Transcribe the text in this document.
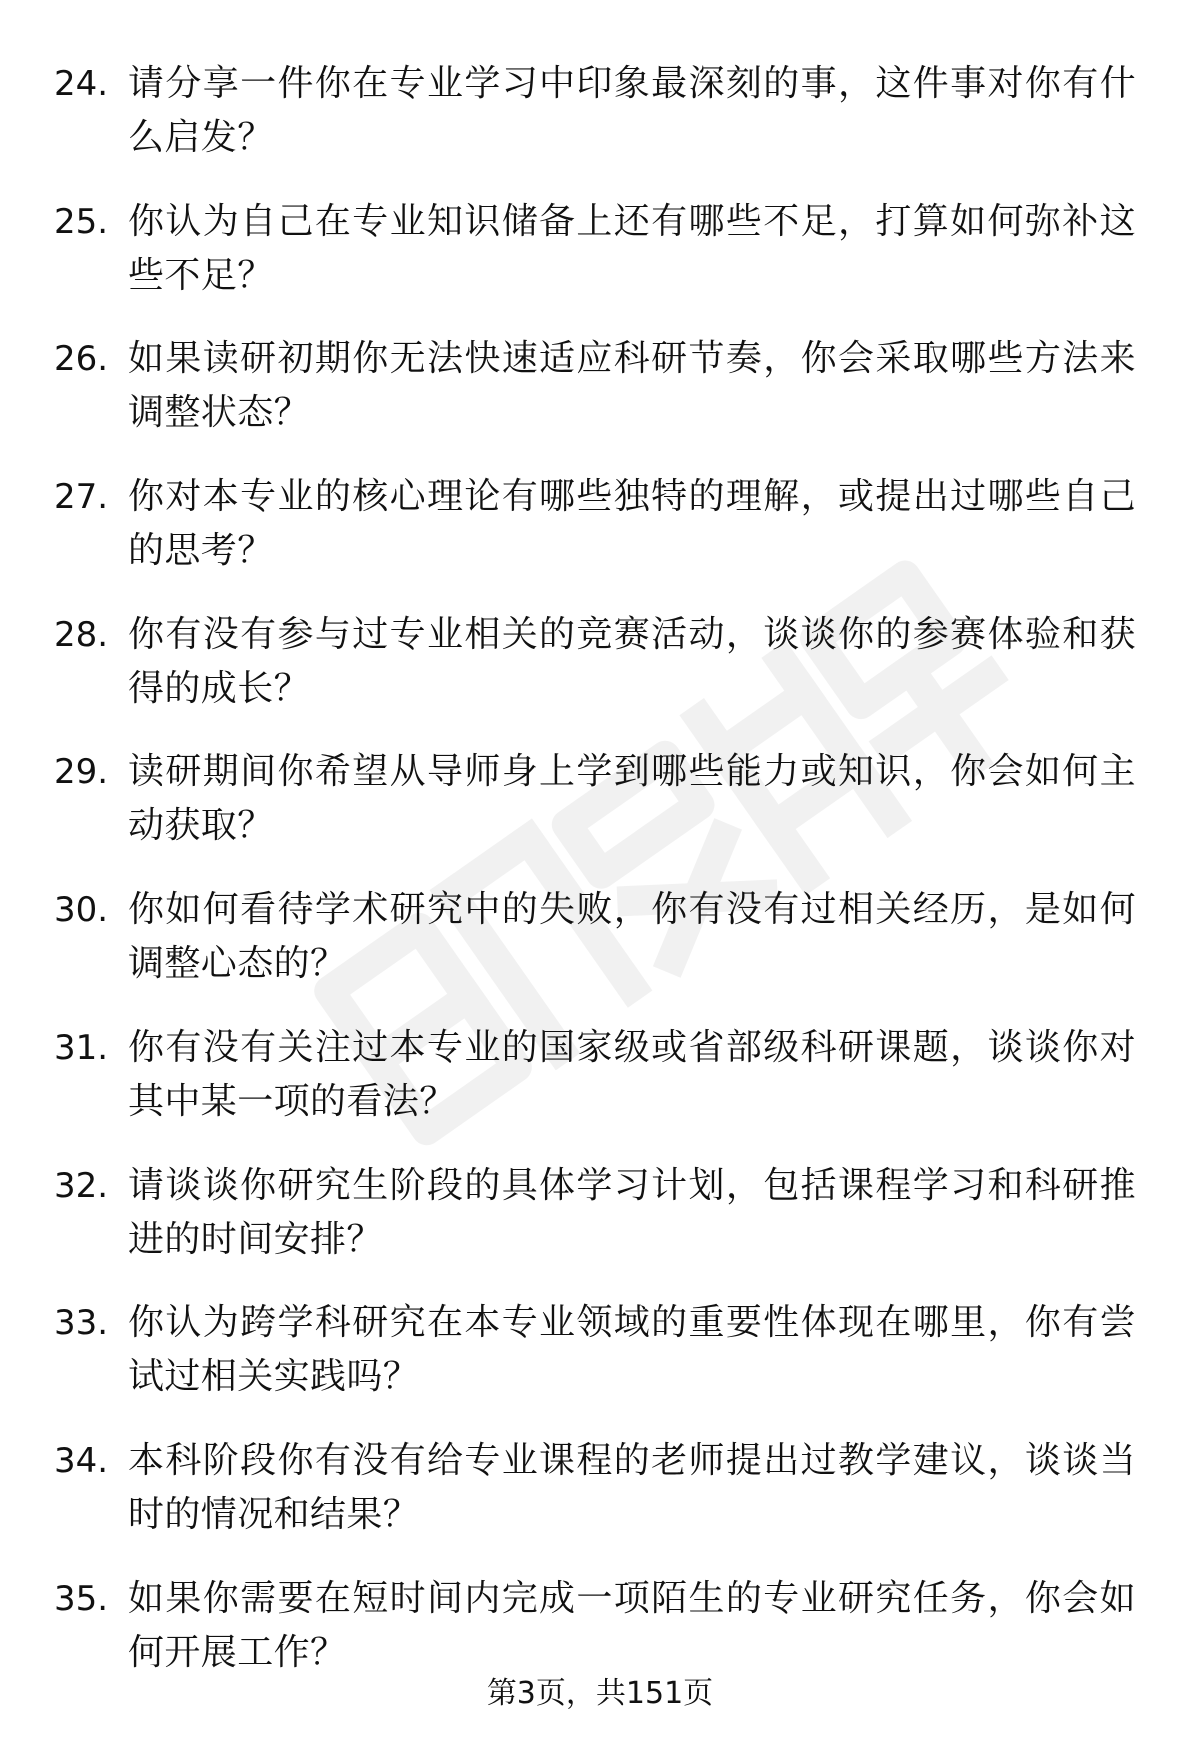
24. 请分享一件你在专业学习中印象最深刻的事，这件事对你有什么启发？
25. 你认为自己在专业知识储备上还有哪些不足，打算如何弥补这些不足？
26. 如果读研初期你无法快速适应科研节奏，你会采取哪些方法来调整状态？
27. 你对本专业的核心理论有哪些独特的理解，或提出过哪些自己的思考？
28. 你有没有参与过专业相关的竞赛活动，谈谈你的参赛体验和获得的成长？
29. 读研期间你希望从导师身上学到哪些能力或知识，你会如何主动获取？
30. 你如何看待学术研究中的失败，你有没有过相关经历，是如何调整心态的？
31. 你有没有关注过本专业的国家级或省部级科研课题，谈谈你对其中某一项的看法？
32. 请谈谈你研究生阶段的具体学习计划，包括课程学习和科研推进的时间安排？
33. 你认为跨学科研究在本专业领域的重要性体现在哪里，你有尝试过相关实践吗？
34. 本科阶段你有没有给专业课程的老师提出过教学建议，谈谈当时的情况和结果？
35. 如果你需要在短时间内完成一项陌生的专业研究任务，你会如何开展工作？
第3页，共151页
